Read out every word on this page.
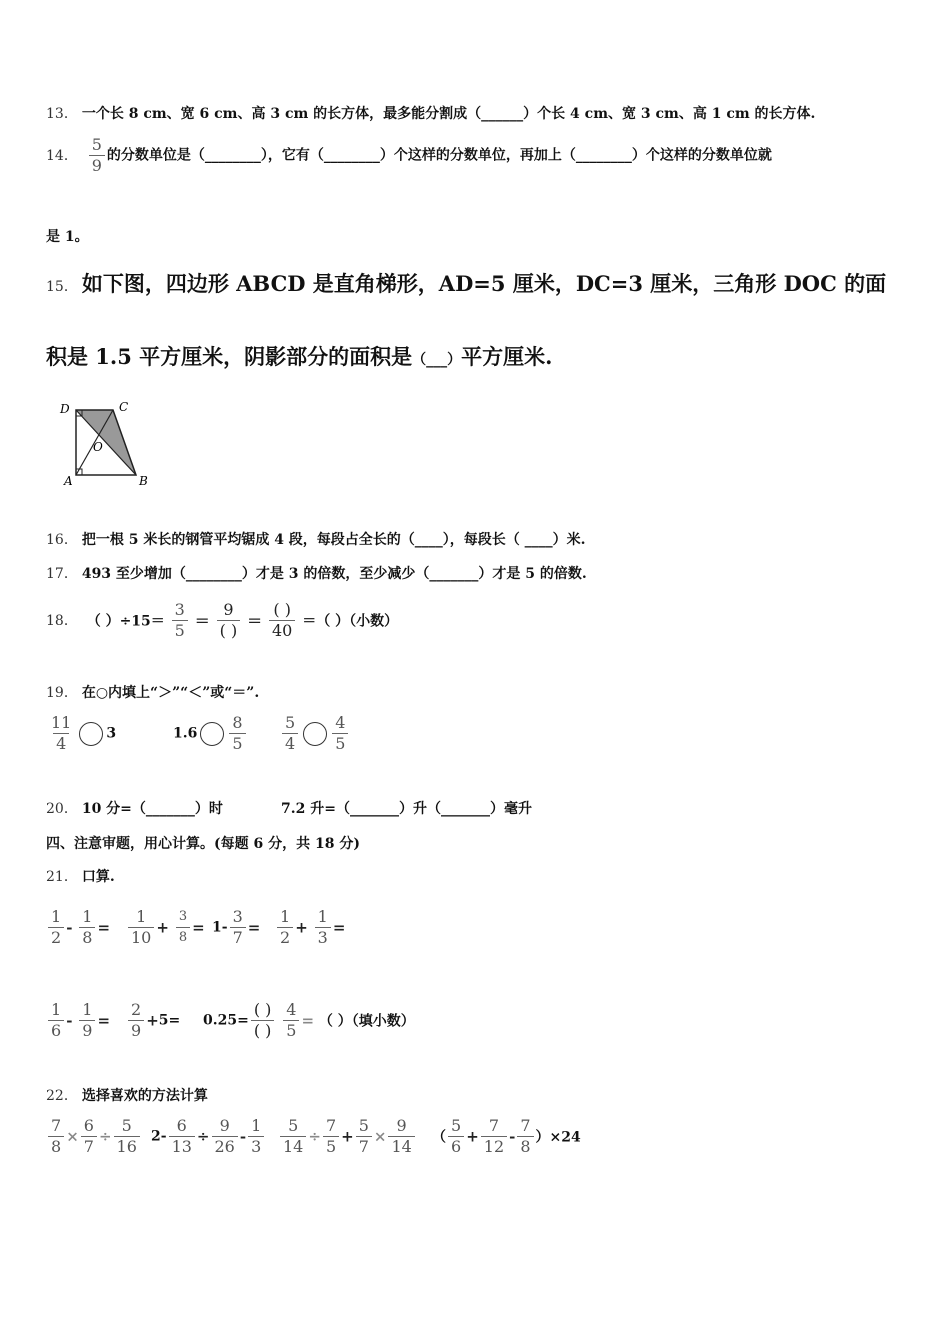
13． 一个长 8 cm、宽 6 cm、高 3 cm 的长方体，最多能分割成（______）个长 4 cm、宽 3 cm、高 1 cm 的长方体.
14． $\frac{5}{9}$ 的分数单位是（________），它有（________）个这样的分数单位，再加上（________）个这样的分数单位就
是 1。
15． 如下图，四边形 ABCD 是直角梯形，AD=5 厘米，DC=3 厘米，三角形 DOC 的面
积是 1.5 平方厘米，阴影部分的面积是（___）平方厘米.
D	C
O
A	B
16． 把一根 5 米长的钢管平均锯成 4 段，每段占全长的（____），每段长（ ____）米.
17． 493 至少增加（________）才是 3 的倍数，至少减少（_______）才是 5 的倍数.
18． （ ）$\div 15= \frac{3}{5} = \frac{9}{( )} = \frac{( )}{40}$ ＝（ ）（小数）
19． 在○内填上“＞”“＜”或“＝”.
$\frac{11}{4} 3$	$1.6 \frac{8}{5} \frac{5}{4} \frac{4}{5}$
20． 10 分=（_______）时	7.2 升=（_______）升（_______）毫升
四、注意审题，用心计算。(每题 6 分，共 18 分)
21． 口算.
$\frac{1}{2} - \frac{1}{8} = \frac{1}{10} + \frac{3}{8} = 1- \frac{3}{7} = \frac{1}{2} + \frac{1}{3}$ =
$\frac{1}{6} - \frac{1}{9} = \frac{2}{9} +5= 0.25= \frac{( )}{( )}$
$\frac{4}{5}$ = （ ）（填小数）
22． 选择喜欢的方法计算
$\frac{7}{8} \times \frac{6}{7} \div \frac{5}{16} 2- \frac{6}{13} \div \frac{9}{26} - \frac{1}{3} \frac{5}{14} \div \frac{7}{5} + \frac{5}{7} \times \frac{9}{14}$ （ $\frac{5}{6} + \frac{7}{12} - \frac{7}{8} )\times 24$
